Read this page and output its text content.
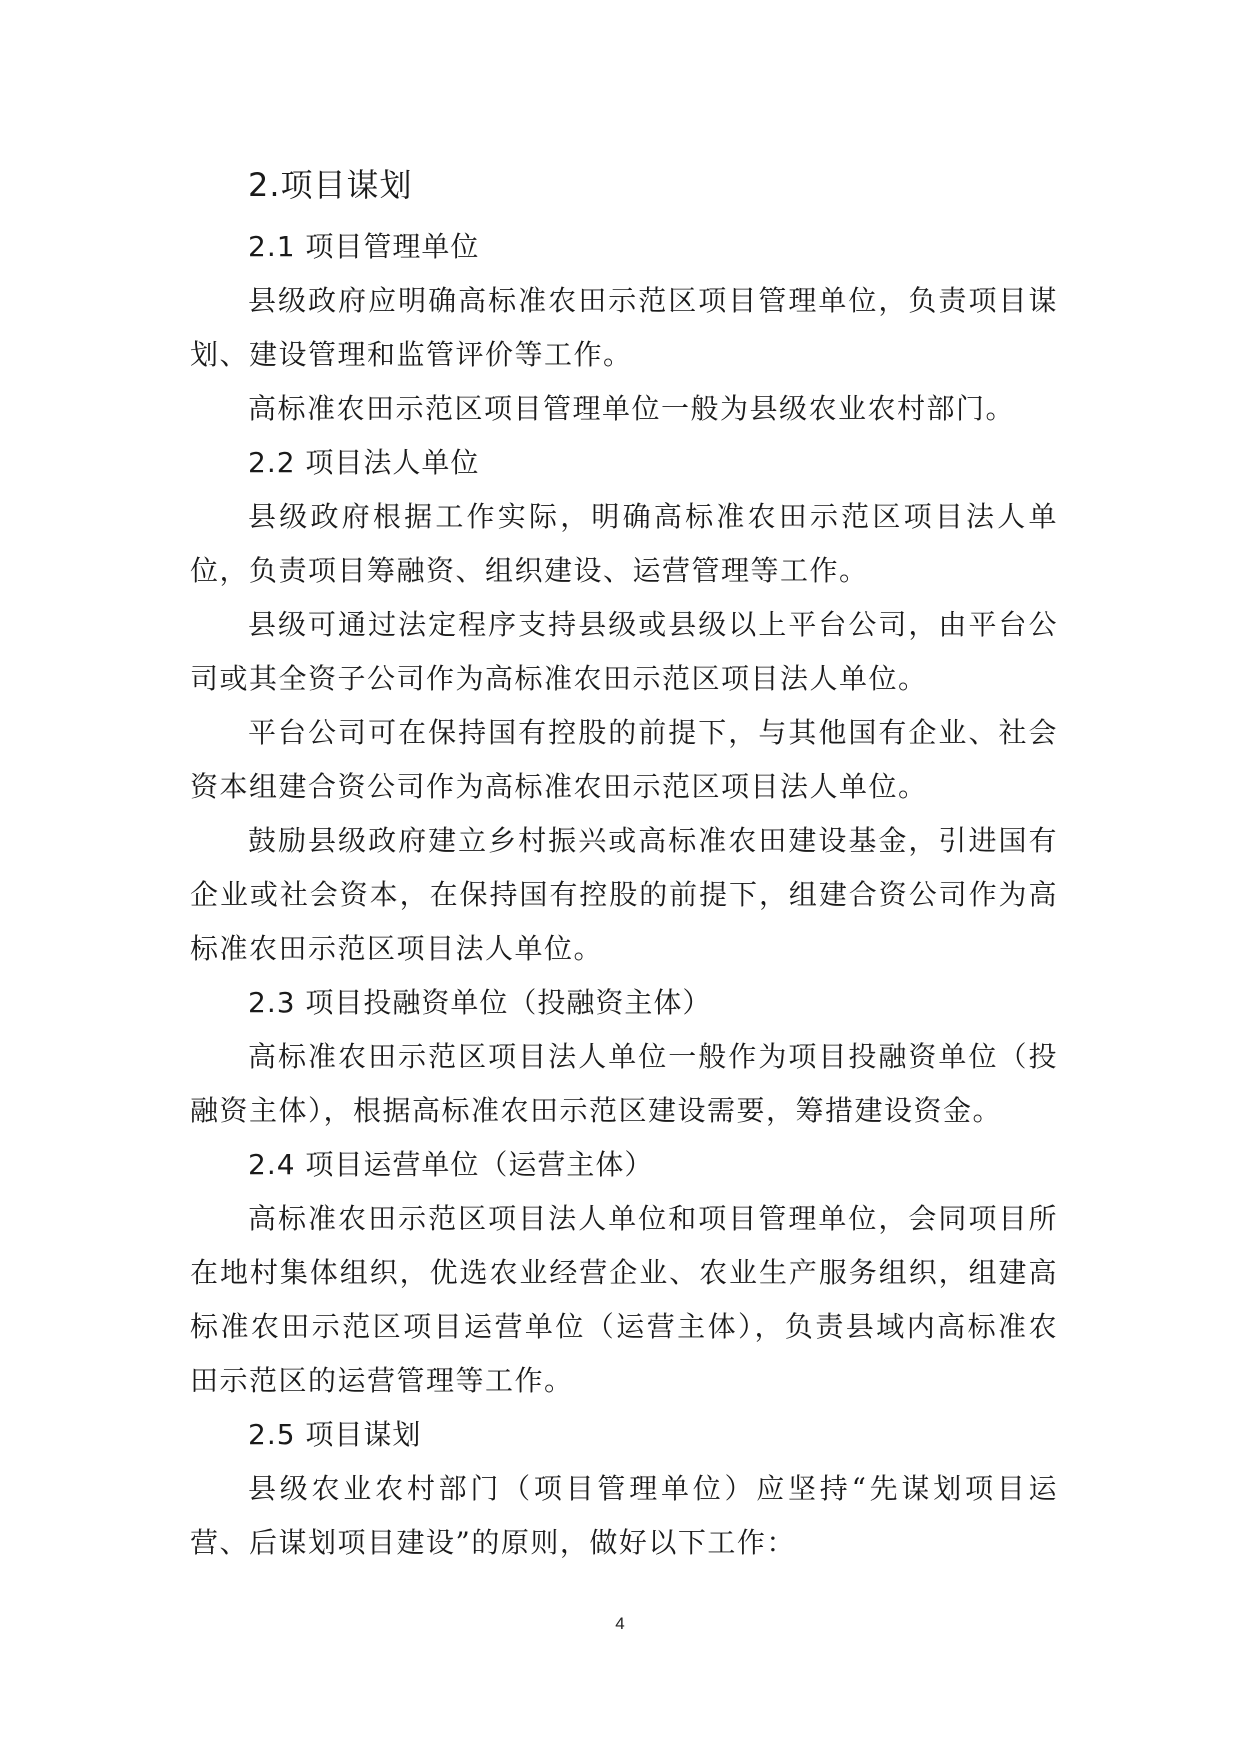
2.项目谋划
2.1 项目管理单位

县级政府应明确高标准农田示范区项目管理单位，负责项目谋划、建设管理和监管评价等工作。

高标准农田示范区项目管理单位一般为县级农业农村部门。

2.2 项目法人单位

县级政府根据工作实际，明确高标准农田示范区项目法人单位，负责项目筹融资、组织建设、运营管理等工作。

县级可通过法定程序支持县级或县级以上平台公司，由平台公司或其全资子公司作为高标准农田示范区项目法人单位。

平台公司可在保持国有控股的前提下，与其他国有企业、社会资本组建合资公司作为高标准农田示范区项目法人单位。

鼓励县级政府建立乡村振兴或高标准农田建设基金，引进国有企业或社会资本，在保持国有控股的前提下，组建合资公司作为高标准农田示范区项目法人单位。

2.3 项目投融资单位（投融资主体）

高标准农田示范区项目法人单位一般作为项目投融资单位（投融资主体），根据高标准农田示范区建设需要，筹措建设资金。

2.4 项目运营单位（运营主体）

高标准农田示范区项目法人单位和项目管理单位，会同项目所在地村集体组织，优选农业经营企业、农业生产服务组织，组建高标准农田示范区项目运营单位（运营主体），负责县域内高标准农田示范区的运营管理等工作。

2.5 项目谋划

县级农业农村部门（项目管理单位）应坚持“先谋划项目运营、后谋划项目建设”的原则，做好以下工作：

4
